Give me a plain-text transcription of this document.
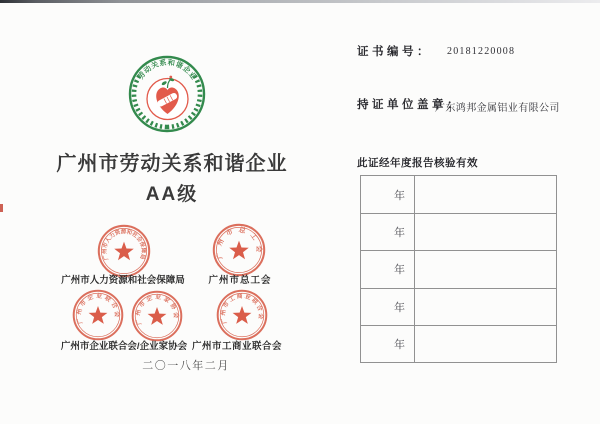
劳动关系和谐企业
广州市劳动关系和谐企业
AA级
广州市人力资源和社会保障局	广州市总工会
广州市企业联合会
广州市企业家协会	广州市工商业联合会
广州市人力资源和社会保障局 广州市总工会
广州市企业联合会/企业家协会 广州市工商业联合会
二〇一八年二月
证书编号： 20181220008
持证单位盖章：
广东鸿邦金属铝业有限公司
此证经年度报告核验有效
年
年
年
年
年
